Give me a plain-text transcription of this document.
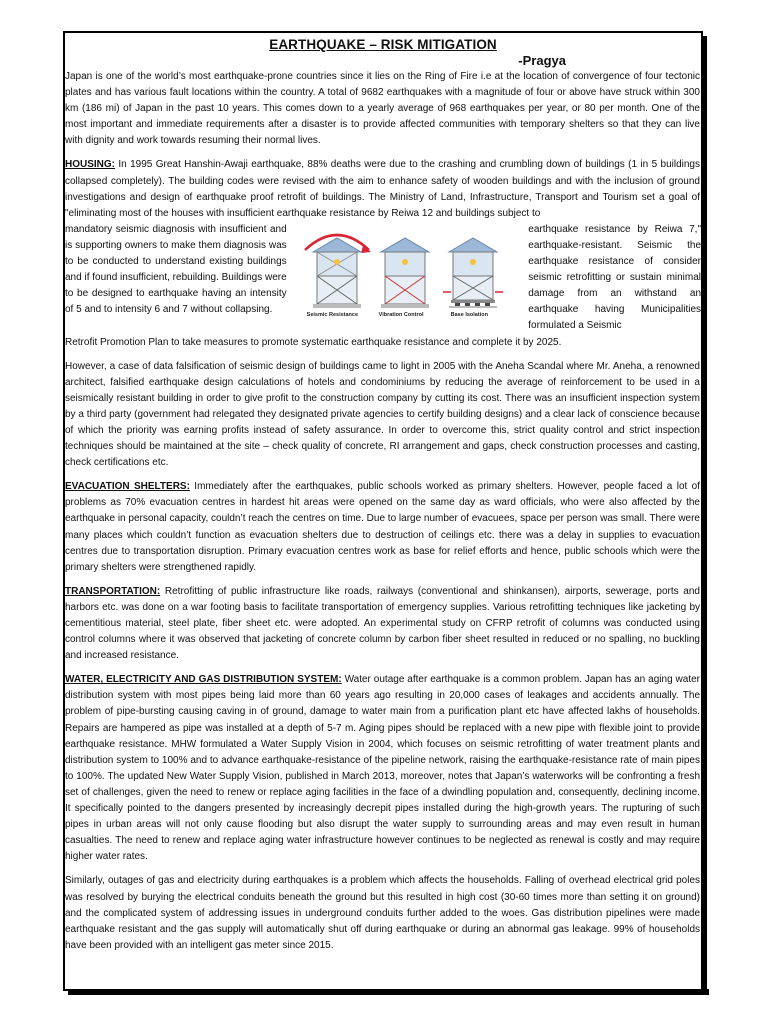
EARTHQUAKE – RISK MITIGATION

-Pragya

Japan is one of the world’s most earthquake-prone countries since it lies on the Ring of Fire i.e at the location of convergence of four tectonic plates and has various fault locations within the country. A total of 9682 earthquakes with a magnitude of four or above have struck within 300 km (186 mi) of Japan in the past 10 years. This comes down to a yearly average of 968 earthquakes per year, or 80 per month. One of the most important and immediate requirements after a disaster is to provide affected communities with temporary shelters so that they can live with dignity and work towards resuming their normal lives.

HOUSING: In 1995 Great Hanshin-Awaji earthquake, 88% deaths were due to the crashing and crumbling down of buildings (1 in 5 buildings collapsed completely). The building codes were revised with the aim to enhance safety of wooden buildings and with the inclusion of ground investigations and design of earthquake proof retrofit of buildings. The Ministry of Land, Infrastructure, Transport and Tourism set a goal of "eliminating most of the houses with insufficient earthquake resistance by Reiwa 12 and buildings subject to

mandatory seismic diagnosis with insufficient and is supporting owners to make them diagnosis was to be conducted to understand existing buildings and if found insufficient, rebuilding. Buildings were to be designed to earthquake having an intensity of 5 and to intensity 6 and 7 without collapsing.	Seismic Resistance	Vibration Control	Base Isolation
earthquake resistance by Reiwa 7," earthquake-resistant. Seismic the earthquake resistance of consider seismic retrofitting or sustain minimal damage from an withstand an earthquake having Municipalities formulated a Seismic

Retrofit Promotion Plan to take measures to promote systematic earthquake resistance and complete it by 2025.

However, a case of data falsification of seismic design of buildings came to light in 2005 with the Aneha Scandal where Mr. Aneha, a renowned architect, falsified earthquake design calculations of hotels and condominiums by reducing the average of reinforcement to be used in a seismically resistant building in order to give profit to the construction company by cutting its cost. There was an insufficient inspection system by a third party (government had relegated they designated private agencies to certify building designs) and a clear lack of conscience because of which the priority was earning profits instead of safety assurance. In order to overcome this, strict quality control and strict inspection techniques should be maintained at the site – check quality of concrete, RI arrangement and gaps, check construction processes and casting, check certifications etc.

EVACUATION SHELTERS: Immediately after the earthquakes, public schools worked as primary shelters. However, people faced a lot of problems as 70% evacuation centres in hardest hit areas were opened on the same day as ward officials, who were also affected by the earthquake in personal capacity, couldn’t reach the centres on time. Due to large number of evacuees, space per person was small. There were many places which couldn’t function as evacuation shelters due to destruction of ceilings etc. there was a delay in supplies to evacuation centres due to transportation disruption. Primary evacuation centres work as base for relief efforts and hence, public schools which were the primary shelters were strengthened rapidly.

TRANSPORTATION: Retrofitting of public infrastructure like roads, railways (conventional and shinkansen), airports, sewerage, ports and harbors etc. was done on a war footing basis to facilitate transportation of emergency supplies. Various retrofitting techniques like jacketing by cementitious material, steel plate, fiber sheet etc. were adopted. An experimental study on CFRP retrofit of columns was conducted using control columns where it was observed that jacketing of concrete column by carbon fiber sheet resulted in reduced or no spalling, no buckling and increased resistance.

WATER, ELECTRICITY AND GAS DISTRIBUTION SYSTEM: Water outage after earthquake is a common problem. Japan has an aging water distribution system with most pipes being laid more than 60 years ago resulting in 20,000 cases of leakages and accidents annually. The problem of pipe-bursting causing caving in of ground, damage to water main from a purification plant etc have affected lakhs of households. Repairs are hampered as pipe was installed at a depth of 5-7 m. Aging pipes should be replaced with a new pipe with flexible joint to provide earthquake resistance. MHW formulated a Water Supply Vision in 2004, which focuses on seismic retrofitting of water treatment plants and distribution system to 100% and to advance earthquake-resistance of the pipeline network, raising the earthquake-resistance rate of main pipes to 100%. The updated New Water Supply Vision, published in March 2013, moreover, notes that Japan’s waterworks will be confronting a fresh set of challenges, given the need to renew or replace aging facilities in the face of a dwindling population and, consequently, declining income. It specifically pointed to the dangers presented by increasingly decrepit pipes installed during the high-growth years. The rupturing of such pipes in urban areas will not only cause flooding but also disrupt the water supply to surrounding areas and may even result in human casualties. The need to renew and replace aging water infrastructure however continues to be neglected as renewal is costly and may require higher water rates.

Similarly, outages of gas and electricity during earthquakes is a problem which affects the households. Falling of overhead electrical grid poles was resolved by burying the electrical conduits beneath the ground but this resulted in high cost (30-60 times more than setting it on ground) and the complicated system of addressing issues in underground conduits further added to the woes. Gas distribution pipelines were made earthquake resistant and the gas supply will automatically shut off during earthquake or during an abnormal gas leakage. 99% of households have been provided with an intelligent gas meter since 2015.
